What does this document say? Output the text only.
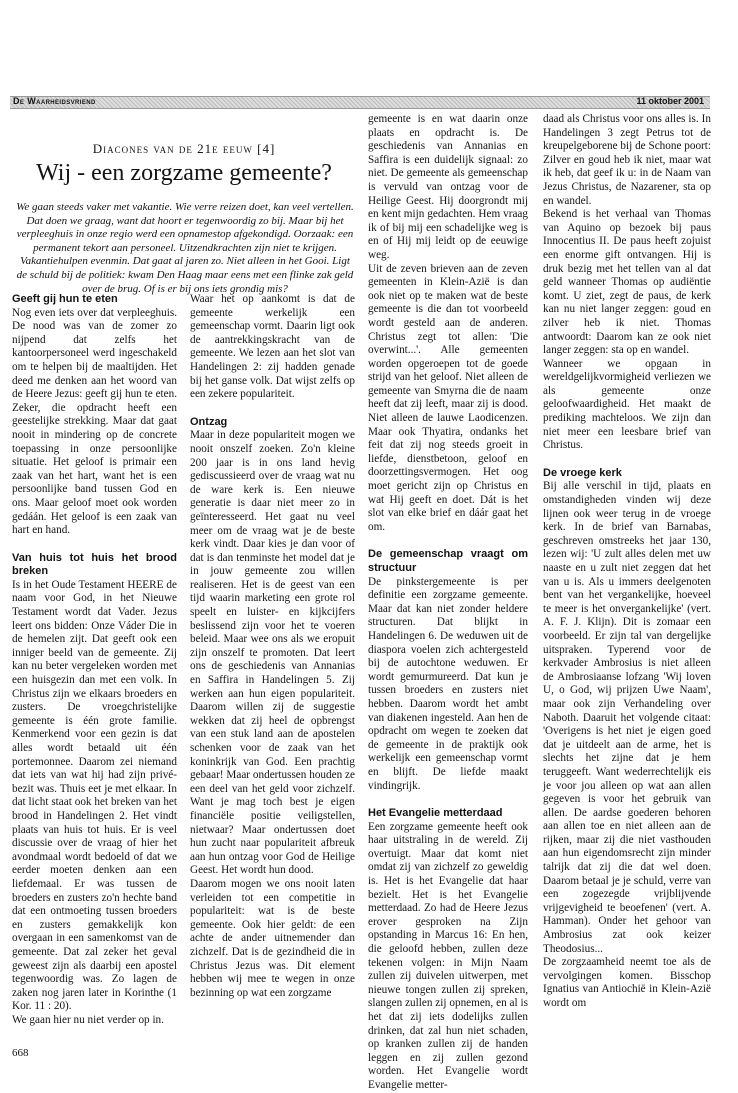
De Waarheidsvriend	11 oktober 2001
Diacones van de 21e eeuw [4]
Wij - een zorgzame gemeente?
We gaan steeds vaker met vakantie. Wie verre reizen doet, kan veel vertellen. Dat doen we graag, want dat hoort er tegenwoordig zo bij. Maar bij het verpleeghuis in onze regio werd een opnamestop afgekondigd. Oorzaak: een permanent tekort aan personeel. Uitzendkrachten zijn niet te krijgen. Vakantiehulpen evenmin. Dat gaat al jaren zo. Niet alleen in het Gooi. Ligt de schuld bij de politiek: kwam Den Haag maar eens met een flinke zak geld over de brug. Of is er bij ons iets grondig mis?
Geeft gij hun te eten

Nog even iets over dat verpleeghuis. De nood was van de zomer zo nijpend dat zelfs het kantoorpersoneel werd ingeschakeld om te helpen bij de maaltijden. Het deed me denken aan het woord van de Heere Jezus: geeft gij hun te eten. Zeker, die opdracht heeft een geestelijke strekking. Maar dat gaat nooit in mindering op de concrete toepassing in onze persoonlijke situatie. Het geloof is primair een zaak van het hart, want het is een persoonlijke band tussen God en ons. Maar geloof moet ook worden gedáán. Het geloof is een zaak van hart en hand.

Van huis tot huis het brood breken

Is in het Oude Testament HEERE de naam voor God, in het Nieuwe Testament wordt dat Vader. Jezus leert ons bidden: Onze Váder Die in de hemelen zijt. Dat geeft ook een inniger beeld van de gemeente. Zij kan nu beter vergeleken worden met een huisgezin dan met een volk. In Christus zijn we elkaars broeders en zusters. De vroegchristelijke gemeente is één grote familie. Kenmerkend voor een gezin is dat alles wordt betaald uit één portemonnee. Daarom zei niemand dat iets van wat hij had zijn privé-bezit was. Thuis eet je met elkaar. In dat licht staat ook het breken van het brood in Handelingen 2. Het vindt plaats van huis tot huis. Er is veel discussie over de vraag of hier het avondmaal wordt bedoeld of dat we eerder moeten denken aan een liefdemaal. Er was tussen de broeders en zusters zo'n hechte band dat een ontmoeting tussen broeders en zusters gemakkelijk kon overgaan in een samenkomst van de gemeente. Dat zal zeker het geval geweest zijn als daarbij een apostel tegenwoordig was. Zo lagen de zaken nog jaren later in Korinthe (1 Kor. 11 : 20).

We gaan hier nu niet verder op in.

Waar het op aankomt is dat de gemeente werkelijk een gemeenschap vormt. Daarin ligt ook de aantrekkingskracht van de gemeente. We lezen aan het slot van Handelingen 2: zij hadden genade bij het ganse volk. Dat wijst zelfs op een zekere populariteit.

Ontzag

Maar in deze populariteit mogen we nooit onszelf zoeken. Zo'n kleine 200 jaar is in ons land hevig gediscussieerd over de vraag wat nu de ware kerk is. Een nieuwe generatie is daar niet meer zo in geïnteresseerd. Het gaat nu veel meer om de vraag wat je de beste kerk vindt. Daar kies je dan voor of dat is dan tenminste het model dat je in jouw gemeente zou willen realiseren. Het is de geest van een tijd waarin marketing een grote rol speelt en luister- en kijkcijfers beslissend zijn voor het te voeren beleid. Maar wee ons als we eropuit zijn onszelf te promoten. Dat leert ons de geschiedenis van Annanias en Saffira in Handelingen 5. Zij werken aan hun eigen populariteit. Daarom willen zij de suggestie wekken dat zij heel de opbrengst van een stuk land aan de apostelen schenken voor de zaak van het koninkrijk van God. Een prachtig gebaar! Maar ondertussen houden ze een deel van het geld voor zichzelf. Want je mag toch best je eigen financiële positie veiligstellen, nietwaar? Maar ondertussen doet hun zucht naar populariteit afbreuk aan hun ontzag voor God de Heilige Geest. Het wordt hun dood.

Daarom mogen we ons nooit laten verleiden tot een competitie in populariteit: wat is de beste gemeente. Ook hier geldt: de een achte de ander uitnemender dan zichzelf. Dat is de gezindheid die in Christus Jezus was. Dit element hebben wij mee te wegen in onze bezinning op wat een zorgzame

gemeente is en wat daarin onze plaats en opdracht is. De geschiedenis van Annanias en Saffira is een duidelijk signaal: zo niet. De gemeente als gemeenschap is vervuld van ontzag voor de Heilige Geest. Hij doorgrondt mij en kent mijn gedachten. Hem vraag ik of bij mij een schadelijke weg is en of Hij mij leidt op de eeuwige weg.

Uit de zeven brieven aan de zeven gemeenten in Klein-Azië is dan ook niet op te maken wat de beste gemeente is die dan tot voorbeeld wordt gesteld aan de anderen. Christus zegt tot allen: 'Die overwint...'. Alle gemeenten worden opgeroepen tot de goede strijd van het geloof. Niet alleen de gemeente van Smyrna die de naam heeft dat zij leeft, maar zij is dood. Niet alleen de lauwe Laodicenzen. Maar ook Thyatira, ondanks het feit dat zij nog steeds groeit in liefde, dienstbetoon, geloof en doorzettingsvermogen. Het oog moet gericht zijn op Christus en wat Hij geeft en doet. Dát is het slot van elke brief en dáár gaat het om.

De gemeenschap vraagt om structuur

De pinkstergemeente is per definitie een zorgzame gemeente. Maar dat kan niet zonder heldere structuren. Dat blijkt in Handelingen 6. De weduwen uit de diaspora voelen zich achtergesteld bij de autochtone weduwen. Er wordt gemurmureerd. Dat kun je tussen broeders en zusters niet hebben. Daarom wordt het ambt van diakenen ingesteld. Aan hen de opdracht om wegen te zoeken dat de gemeente in de praktijk ook werkelijk een gemeenschap vormt en blijft. De liefde maakt vindingrijk.

Het Evangelie metterdaad

Een zorgzame gemeente heeft ook haar uitstraling in de wereld. Zij overtuigt. Maar dat komt niet omdat zij van zichzelf zo geweldig is. Het is het Evangelie dat haar bezielt. Het is het Evangelie metterdaad. Zo had de Heere Jezus erover gesproken na Zijn opstanding in Marcus 16: En hen, die geloofd hebben, zullen deze tekenen volgen: in Mijn Naam zullen zij duivelen uitwerpen, met nieuwe tongen zullen zij spreken, slangen zullen zij opnemen, en al is het dat zij iets dodelijks zullen drinken, dat zal hun niet schaden, op kranken zullen zij de handen leggen en zij zullen gezond worden. Het Evangelie wordt Evangelie metter-

daad als Christus voor ons alles is. In Handelingen 3 zegt Petrus tot de kreupelgeborene bij de Schone poort: Zilver en goud heb ik niet, maar wat ik heb, dat geef ik u: in de Naam van Jezus Christus, de Nazarener, sta op en wandel.

Bekend is het verhaal van Thomas van Aquino op bezoek bij paus Innocentius II. De paus heeft zojuist een enorme gift ontvangen. Hij is druk bezig met het tellen van al dat geld wanneer Thomas op audiëntie komt. U ziet, zegt de paus, de kerk kan nu niet langer zeggen: goud en zilver heb ik niet. Thomas antwoordt: Daarom kan ze ook niet langer zeggen: sta op en wandel.

Wanneer we opgaan in wereldgelijkvormigheid verliezen we als gemeente onze geloofwaardigheid. Het maakt de prediking machteloos. We zijn dan niet meer een leesbare brief van Christus.

De vroege kerk

Bij alle verschil in tijd, plaats en omstandigheden vinden wij deze lijnen ook weer terug in de vroege kerk. In de brief van Barnabas, geschreven omstreeks het jaar 130, lezen wij: 'U zult alles delen met uw naaste en u zult niet zeggen dat het van u is. Als u immers deelgenoten bent van het vergankelijke, hoeveel te meer is het onvergankelijke' (vert. A. F. J. Klijn). Dit is zomaar een voorbeeld. Er zijn tal van dergelijke uitspraken. Typerend voor de kerkvader Ambrosius is niet alleen de Ambrosiaanse lofzang 'Wij loven U, o God, wij prijzen Uwe Naam', maar ook zijn Verhandeling over Naboth. Daaruit het volgende citaat: 'Overigens is het niet je eigen goed dat je uitdeelt aan de arme, het is slechts het zijne dat je hem teruggeeft. Want wederrechtelijk eis je voor jou alleen op wat aan allen gegeven is voor het gebruik van allen. De aardse goederen behoren aan allen toe en niet alleen aan de rijken, maar zij die niet vasthouden aan hun eigendomsrecht zijn minder talrijk dat zij die dat wel doen. Daarom betaal je je schuld, verre van een zogezegde vrijblijvende vrijgevigheid te beoefenen' (vert. A. Hamman). Onder het gehoor van Ambrosius zat ook keizer Theodosius...

De zorgzaamheid neemt toe als de vervolgingen komen. Bisschop Ignatius van Antiochië in Klein-Azië wordt om

668
